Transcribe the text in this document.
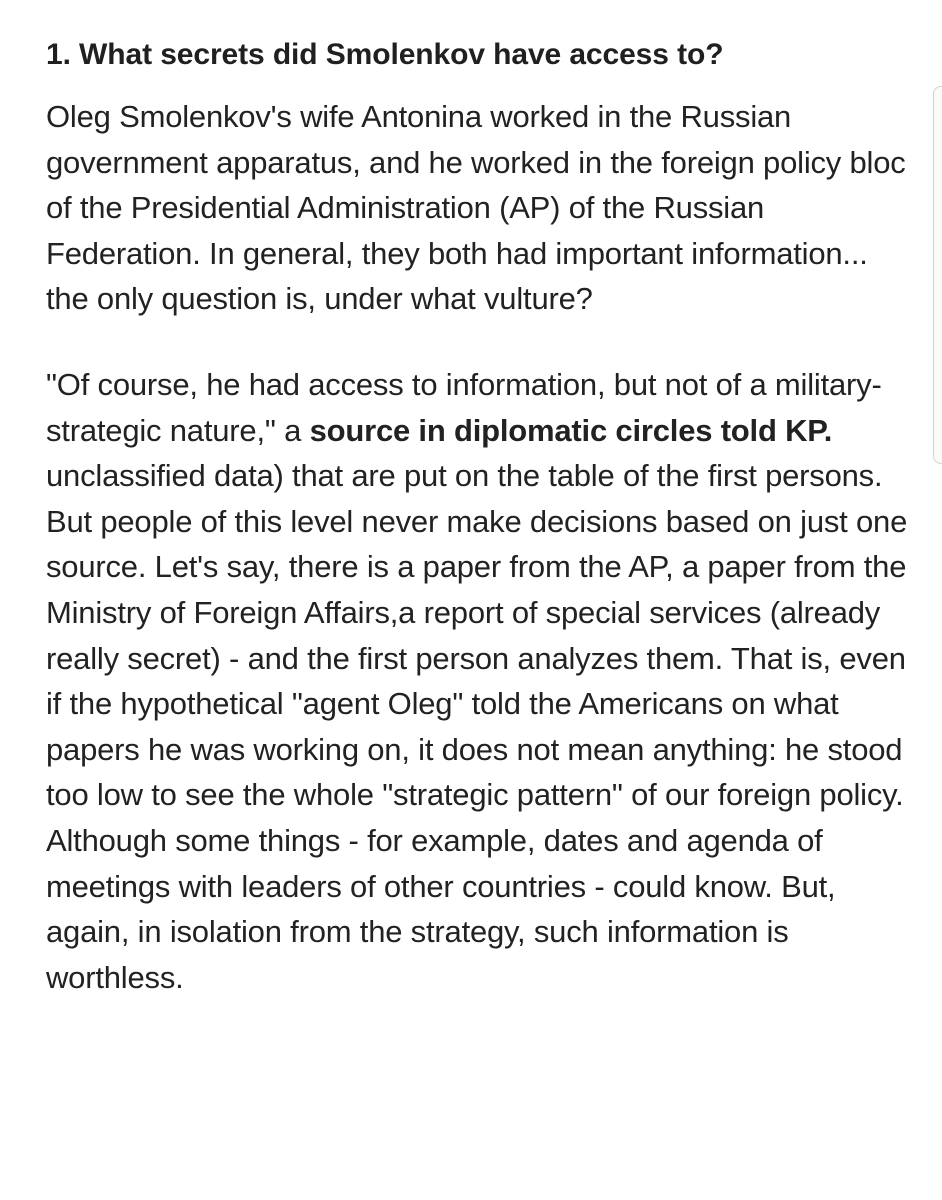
1. What secrets did Smolenkov have access to?

Oleg Smolenkov's wife Antonina worked in the Russian government apparatus, and he worked in the foreign policy bloc of the Presidential Administration (AP) of the Russian Federation. In general, they both had important information... the only question is, under what vulture?

"Of course, he had access to information, but not of a military-strategic nature," a source in diplomatic circles told KP. unclassified data) that are put on the table of the first persons. But people of this level never make decisions based on just one source. Let's say, there is a paper from the AP, a paper from the Ministry of Foreign Affairs,a report of special services (already really secret) - and the first person analyzes them. That is, even if the hypothetical "agent Oleg" told the Americans on what papers he was working on, it does not mean anything: he stood too low to see the whole "strategic pattern" of our foreign policy. Although some things - for example, dates and agenda of meetings with leaders of other countries - could know. But, again, in isolation from the strategy, such information is worthless.
